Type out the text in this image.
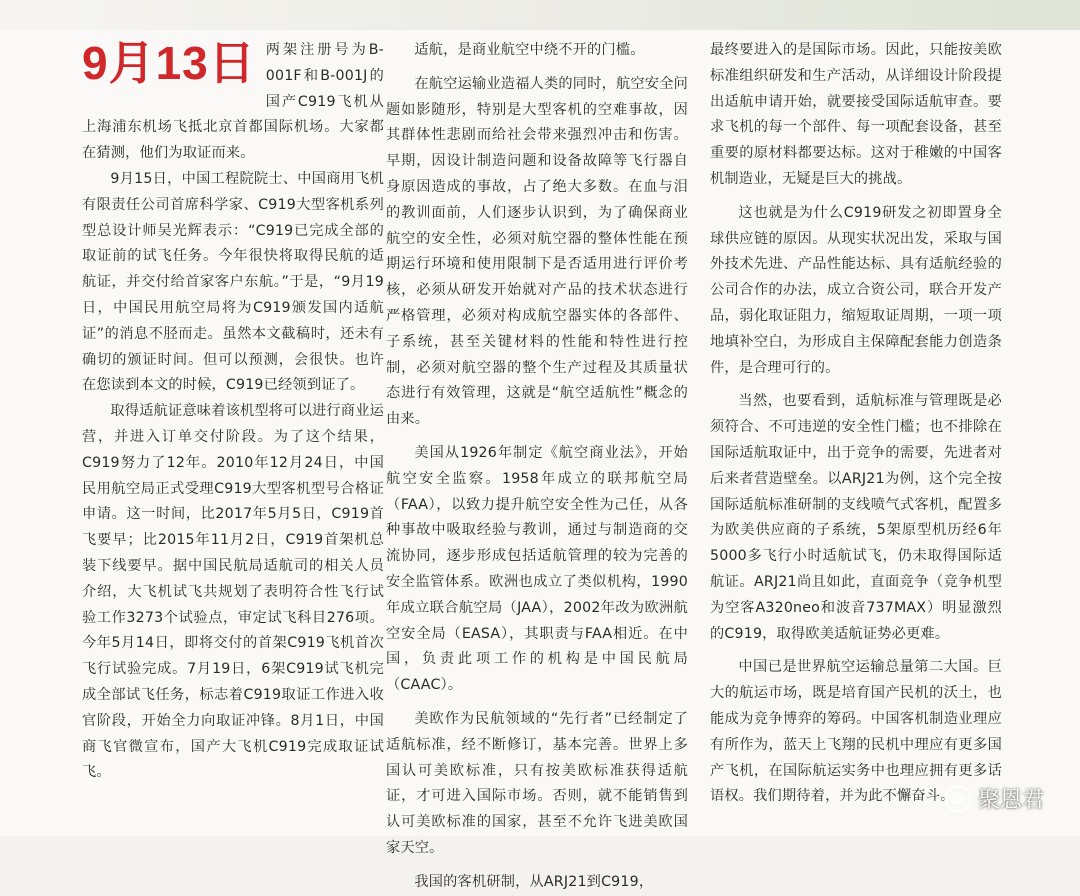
9月13日 两架注册号为B-001F和B-001J的国产C919飞机从上海浦东机场飞抵北京首都国际机场。大家都在猜测，他们为取证而来。

9月15日，中国工程院院士、中国商用飞机有限责任公司首席科学家、C919大型客机系列型总设计师吴光辉表示：“C919已完成全部的取证前的试飞任务。今年很快将取得民航的适航证，并交付给首家客户东航。”于是，“9月19日，中国民用航空局将为C919颁发国内适航证”的消息不胫而走。虽然本文截稿时，还未有确切的颁证时间。但可以预测，会很快。也许在您读到本文的时候，C919已经领到证了。

取得适航证意味着该机型将可以进行商业运营，并进入订单交付阶段。为了这个结果，C919努力了12年。2010年12月24日，中国民用航空局正式受理C919大型客机型号合格证申请。这一时间，比2017年5月5日，C919首飞要早；比2015年11月2日，C919首架机总装下线要早。据中国民航局适航司的相关人员介绍，大飞机试飞共规划了表明符合性飞行试验工作3273个试验点，审定试飞科目276项。今年5月14日，即将交付的首架C919飞机首次飞行试验完成。7月19日，6架C919试飞机完成全部试飞任务，标志着C919取证工作进入收官阶段，开始全力向取证冲锋。8月1日，中国商飞官微宣布，国产大飞机C919完成取证试飞。

适航，是商业航空中绕不开的门槛。

在航空运输业造福人类的同时，航空安全问题如影随形，特别是大型客机的空难事故，因其群体性悲剧而给社会带来强烈冲击和伤害。早期，因设计制造问题和设备故障等飞行器自身原因造成的事故，占了绝大多数。在血与泪的教训面前，人们逐步认识到，为了确保商业航空的安全性，必须对航空器的整体性能在预期运行环境和使用限制下是否适用进行评价考核，必须从研发开始就对产品的技术状态进行严格管理，必须对构成航空器实体的各部件、子系统，甚至关键材料的性能和特性进行控制，必须对航空器的整个生产过程及其质量状态进行有效管理，这就是“航空适航性”概念的由来。

美国从1926年制定《航空商业法》，开始航空安全监察。1958年成立的联邦航空局（FAA），以致力提升航空安全性为己任，从各种事故中吸取经验与教训，通过与制造商的交流协同，逐步形成包括适航管理的较为完善的安全监管体系。欧洲也成立了类似机构，1990年成立联合航空局（JAA），2002年改为欧洲航空安全局（EASA），其职责与FAA相近。在中国，负责此项工作的机构是中国民航局（CAAC）。

美欧作为民航领域的“先行者”已经制定了适航标准，经不断修订，基本完善。世界上多国认可美欧标准，只有按美欧标准获得适航证，才可进入国际市场。否则，就不能销售到认可美欧标准的国家，甚至不允许飞进美欧国家天空。

我国的客机研制，从ARJ21到C919，

最终要进入的是国际市场。因此，只能按美欧标准组织研发和生产活动，从详细设计阶段提出适航申请开始，就要接受国际适航审查。要求飞机的每一个部件、每一项配套设备，甚至重要的原材料都要达标。这对于稚嫩的中国客机制造业，无疑是巨大的挑战。

这也就是为什么C919研发之初即置身全球供应链的原因。从现实状况出发，采取与国外技术先进、产品性能达标、具有适航经验的公司合作的办法，成立合资公司，联合开发产品，弱化取证阻力，缩短取证周期，一项一项地填补空白，为形成自主保障配套能力创造条件，是合理可行的。

当然，也要看到，适航标准与管理既是必须符合、不可违逆的安全性门槛；也不排除在国际适航取证中，出于竞争的需要，先进者对后来者营造壁垒。以ARJ21为例，这个完全按国际适航标准研制的支线喷气式客机，配置多为欧美供应商的子系统，5架原型机历经6年5000多飞行小时适航试飞，仍未取得国际适航证。ARJ21尚且如此，直面竞争（竞争机型为空客A320neo和波音737MAX）明显激烈的C919，取得欧美适航证势必更难。

中国已是世界航空运输总量第二大国。巨大的航运市场，既是培育国产民机的沃土，也能成为竞争博弈的筹码。中国客机制造业理应有所作为，蓝天上飞翔的民机中理应有更多国产飞机，在国际航运实务中也理应拥有更多话语权。我们期待着，并为此不懈奋斗。	聚恩君
